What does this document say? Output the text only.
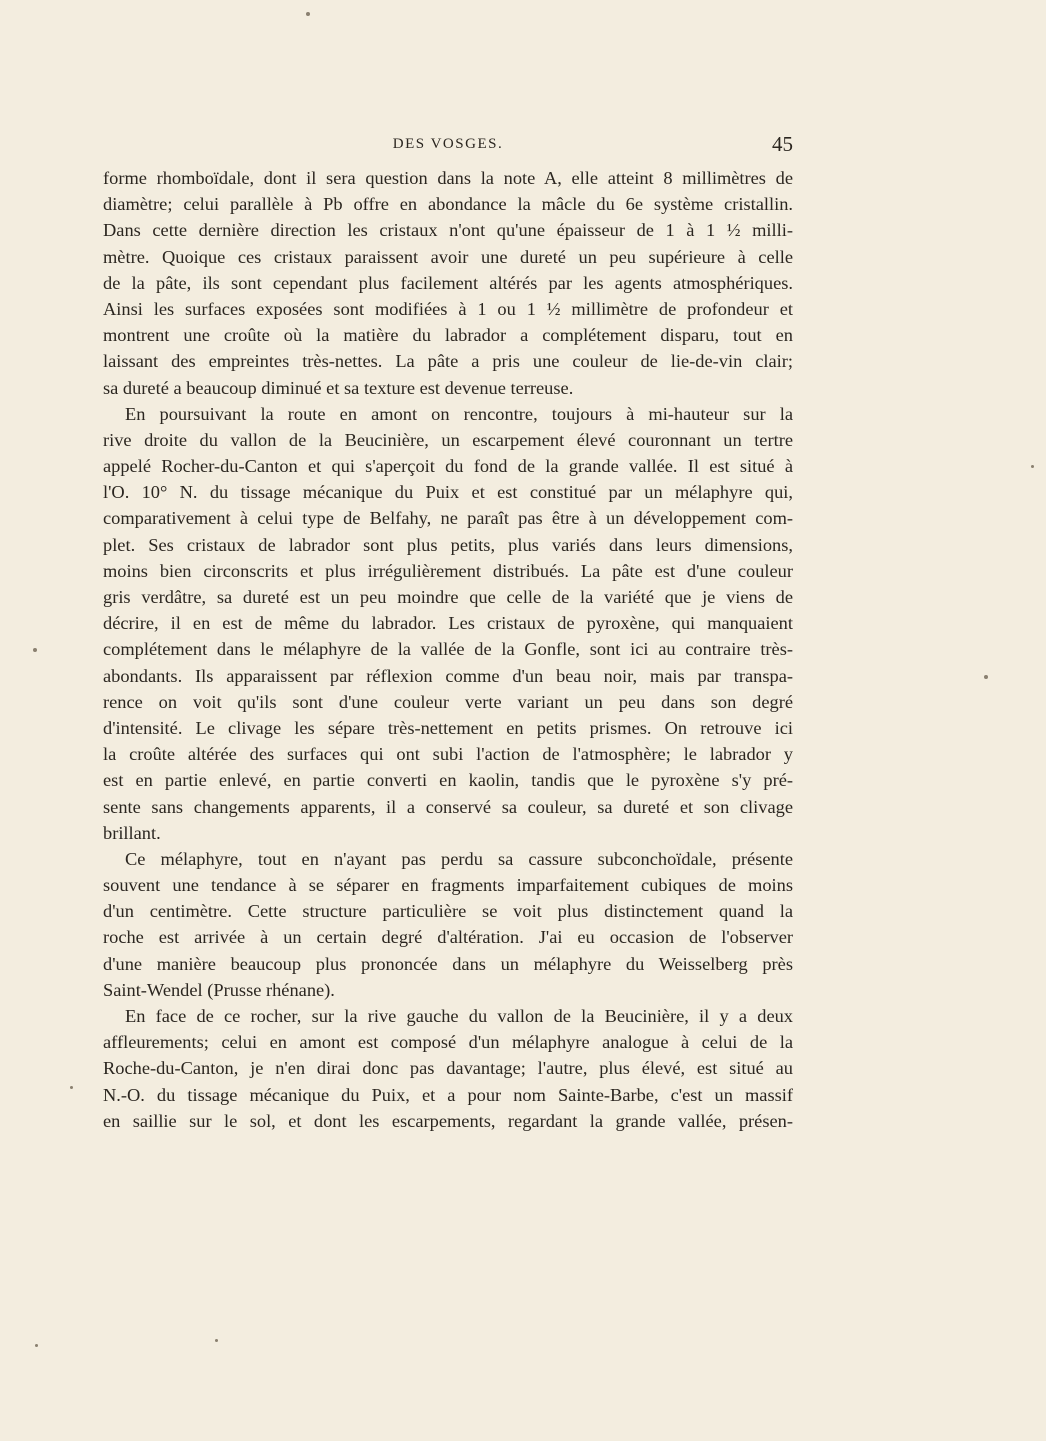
DES VOSGES.	45
forme rhomboïdale, dont il sera question dans la note A, elle atteint 8 millimètres de
diamètre; celui parallèle à Pb offre en abondance la mâcle du 6e système cristallin.
Dans cette dernière direction les cristaux n'ont qu'une épaisseur de 1 à 1 ½ milli-
mètre. Quoique ces cristaux paraissent avoir une dureté un peu supérieure à celle
de la pâte, ils sont cependant plus facilement altérés par les agents atmosphériques.
Ainsi les surfaces exposées sont modifiées à 1 ou 1 ½ millimètre de profondeur et
montrent une croûte où la matière du labrador a complétement disparu, tout en
laissant des empreintes très-nettes. La pâte a pris une couleur de lie-de-vin clair;
sa dureté a beaucoup diminué et sa texture est devenue terreuse.
En poursuivant la route en amont on rencontre, toujours à mi-hauteur sur la
rive droite du vallon de la Beucinière, un escarpement élevé couronnant un tertre
appelé Rocher-du-Canton et qui s'aperçoit du fond de la grande vallée. Il est situé à
l'O. 10° N. du tissage mécanique du Puix et est constitué par un mélaphyre qui,
comparativement à celui type de Belfahy, ne paraît pas être à un développement com-
plet. Ses cristaux de labrador sont plus petits, plus variés dans leurs dimensions,
moins bien circonscrits et plus irrégulièrement distribués. La pâte est d'une couleur
gris verdâtre, sa dureté est un peu moindre que celle de la variété que je viens de
décrire, il en est de même du labrador. Les cristaux de pyroxène, qui manquaient
complétement dans le mélaphyre de la vallée de la Gonfle, sont ici au contraire très-
abondants. Ils apparaissent par réflexion comme d'un beau noir, mais par transpa-
rence on voit qu'ils sont d'une couleur verte variant un peu dans son degré
d'intensité. Le clivage les sépare très-nettement en petits prismes. On retrouve ici
la croûte altérée des surfaces qui ont subi l'action de l'atmosphère; le labrador y
est en partie enlevé, en partie converti en kaolin, tandis que le pyroxène s'y pré-
sente sans changements apparents, il a conservé sa couleur, sa dureté et son clivage
brillant.
Ce mélaphyre, tout en n'ayant pas perdu sa cassure subconchoïdale, présente
souvent une tendance à se séparer en fragments imparfaitement cubiques de moins
d'un centimètre. Cette structure particulière se voit plus distinctement quand la
roche est arrivée à un certain degré d'altération. J'ai eu occasion de l'observer
d'une manière beaucoup plus prononcée dans un mélaphyre du Weisselberg près
Saint-Wendel (Prusse rhénane).
En face de ce rocher, sur la rive gauche du vallon de la Beucinière, il y a deux
affleurements; celui en amont est composé d'un mélaphyre analogue à celui de la
Roche-du-Canton, je n'en dirai donc pas davantage; l'autre, plus élevé, est situé au
N.-O. du tissage mécanique du Puix, et a pour nom Sainte-Barbe, c'est un massif
en saillie sur le sol, et dont les escarpements, regardant la grande vallée, présen-
